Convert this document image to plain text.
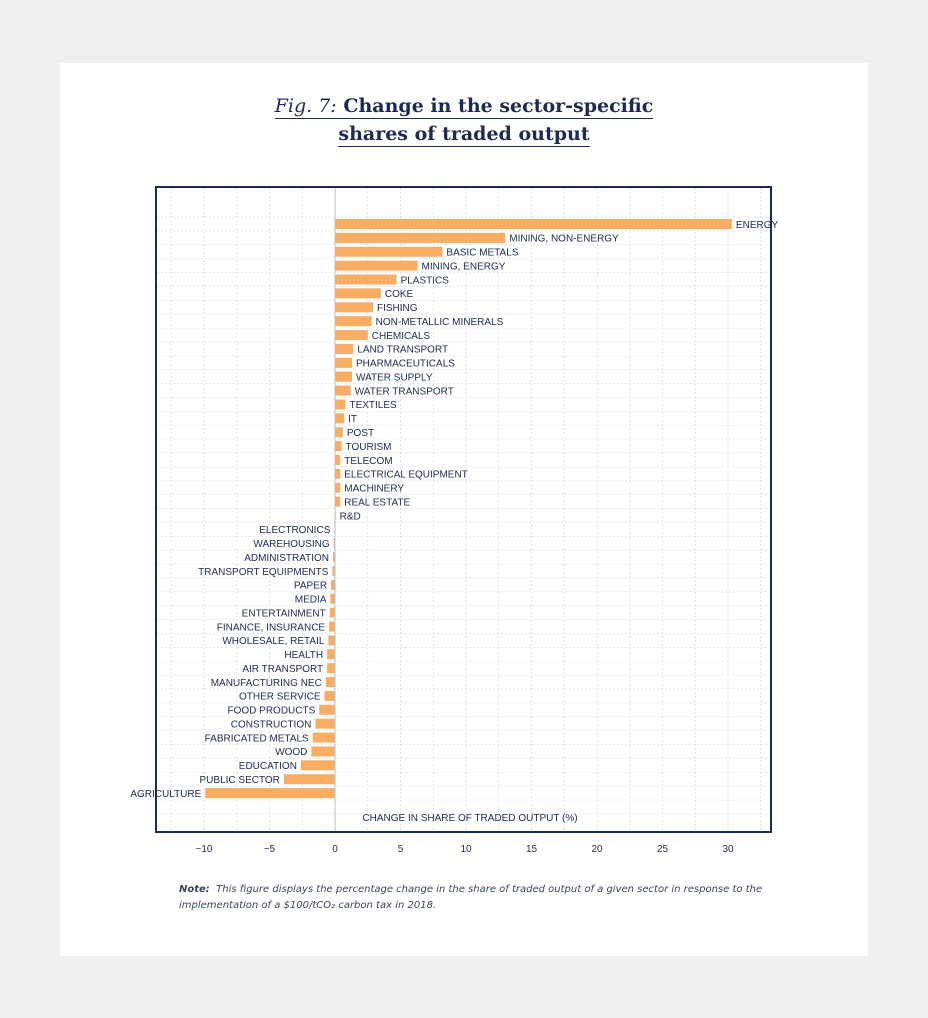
Fig. 7: Change in the sector-specific
shares of traded output
ENERGY
MINING, NON-ENERGY
BASIC METALS
MINING, ENERGY
PLASTICS
COKE
FISHING
NON-METALLIC MINERALS
CHEMICALS
LAND TRANSPORT
PHARMACEUTICALS
WATER SUPPLY
WATER TRANSPORT
TEXTILES
IT
POST
TOURISM
TELECOM
ELECTRICAL EQUIPMENT
MACHINERY
REAL ESTATE
R&D
ELECTRONICS
WAREHOUSING
ADMINISTRATION
TRANSPORT EQUIPMENTS
PAPER
MEDIA
ENTERTAINMENT
FINANCE, INSURANCE
WHOLESALE, RETAIL
HEALTH
AIR TRANSPORT
MANUFACTURING NEC
OTHER SERVICE
FOOD PRODUCTS
CONSTRUCTION
FABRICATED METALS
WOOD
EDUCATION
PUBLIC SECTOR
AGRICULTURE
CHANGE IN SHARE OF TRADED OUTPUT (%)
−10	−5	0	5	10	15	20	25	30
Note: This figure displays the percentage change in the share of traded output of a given sector in response to the
implementation of a $100/tCO₂ carbon tax in 2018.
